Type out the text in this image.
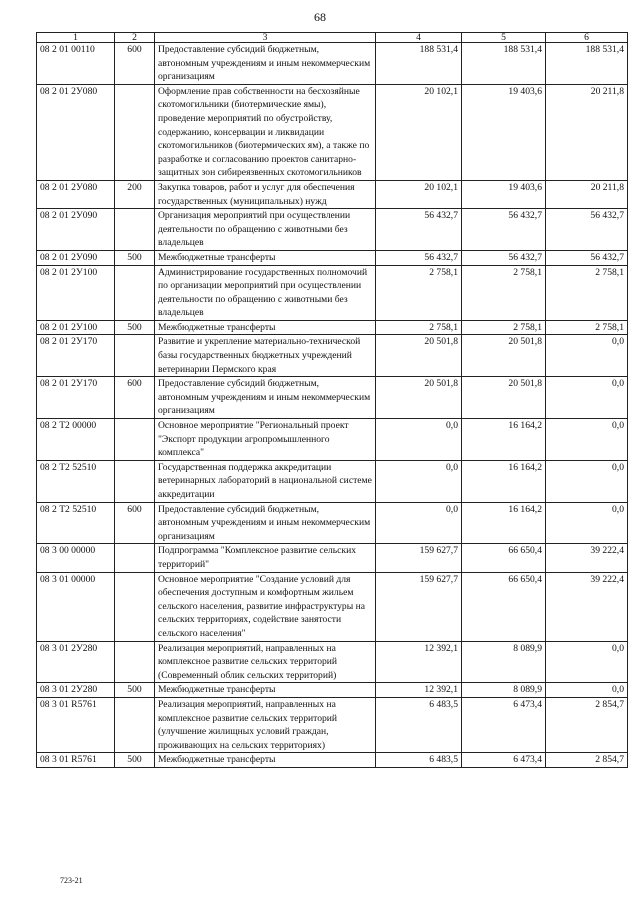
68
1	2	3	4	5	6
08 2 01 00110	600	Предоставление субсидий бюджетным, автономным учреждениям и иным некоммерческим организациям	188 531,4	188 531,4	188 531,4
08 2 01 2У080		Оформление прав собственности на бесхозяйные скотомогильники (биотермические ямы), проведение мероприятий по обустройству, содержанию, консервации и ликвидации скотомогильников (биотермических ям), а также по разработке и согласованию проектов санитарно-защитных зон сибиреязвенных скотомогильников	20 102,1	19 403,6	20 211,8
08 2 01 2У080	200	Закупка товаров, работ и услуг для обеспечения государственных (муниципальных) нужд	20 102,1	19 403,6	20 211,8
08 2 01 2У090		Организация мероприятий при осуществлении деятельности по обращению с животными без владельцев	56 432,7	56 432,7	56 432,7
08 2 01 2У090	500	Межбюджетные трансферты	56 432,7	56 432,7	56 432,7
08 2 01 2У100		Администрирование государственных полномочий по организации мероприятий при осуществлении деятельности по обращению с животными без владельцев	2 758,1	2 758,1	2 758,1
08 2 01 2У100	500	Межбюджетные трансферты	2 758,1	2 758,1	2 758,1
08 2 01 2У170		Развитие и укрепление материально-технической базы государственных бюджетных учреждений ветеринарии Пермского края	20 501,8	20 501,8	0,0
08 2 01 2У170	600	Предоставление субсидий бюджетным, автономным учреждениям и иным некоммерческим организациям	20 501,8	20 501,8	0,0
08 2 Т2 00000		Основное мероприятие "Региональный проект "Экспорт продукции агропромышленного комплекса"	0,0	16 164,2	0,0
08 2 Т2 52510		Государственная поддержка аккредитации ветеринарных лабораторий в национальной системе аккредитации	0,0	16 164,2	0,0
08 2 Т2 52510	600	Предоставление субсидий бюджетным, автономным учреждениям и иным некоммерческим организациям	0,0	16 164,2	0,0
08 3 00 00000		Подпрограмма "Комплексное развитие сельских территорий"	159 627,7	66 650,4	39 222,4
08 3 01 00000		Основное мероприятие "Создание условий для обеспечения доступным и комфортным жильем сельского населения, развитие инфраструктуры на сельских территориях, содействие занятости сельского населения"	159 627,7	66 650,4	39 222,4
08 3 01 2У280		Реализация мероприятий, направленных на комплексное развитие сельских территорий (Современный облик сельских территорий)	12 392,1	8 089,9	0,0
08 3 01 2У280	500	Межбюджетные трансферты	12 392,1	8 089,9	0,0
08 3 01 R5761		Реализация мероприятий, направленных на комплексное развитие сельских территорий (улучшение жилищных условий граждан, проживающих на сельских территориях)	6 483,5	6 473,4	2 854,7
08 3 01 R5761	500	Межбюджетные трансферты	6 483,5	6 473,4	2 854,7
723-21
